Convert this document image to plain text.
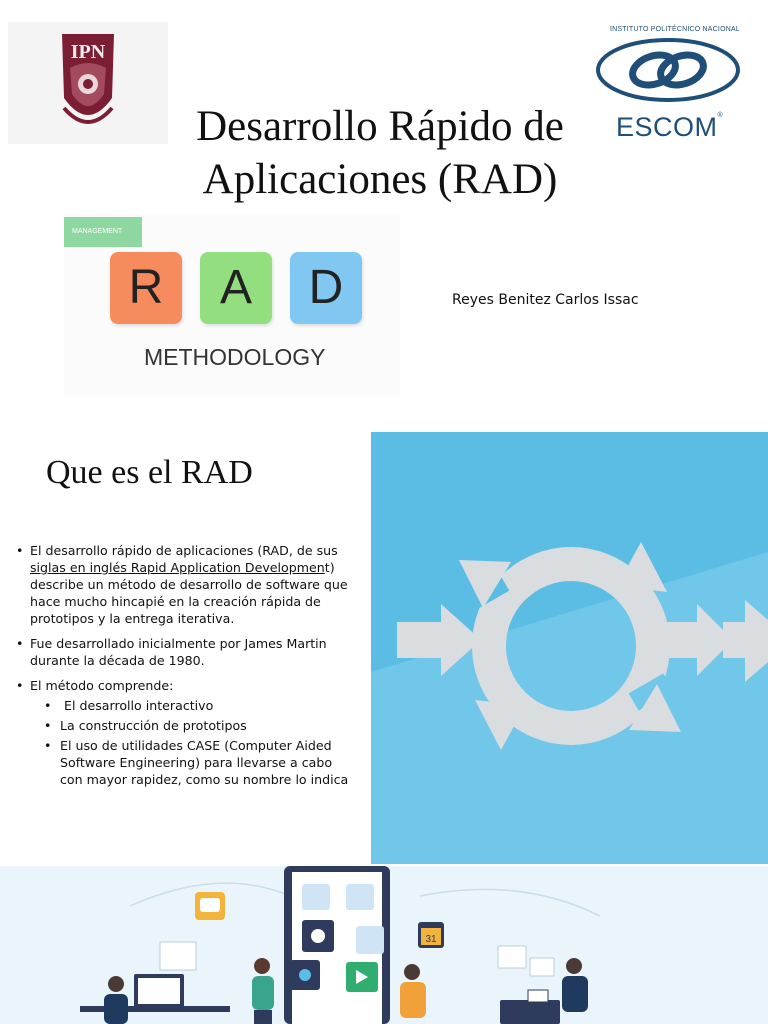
IPN
INSTITUTO POLITÉCNICO NACIONAL
ESCOM®
Desarrollo Rápido de
Aplicaciones (RAD)
MANAGEMENT
R	A	D
METHODOLOGY
Reyes Benitez Carlos Issac
Que es el RAD
• El desarrollo rápido de aplicaciones (RAD, de sus siglas en inglés Rapid Application Development) describe un método de desarrollo de software que hace mucho hincapié en la creación rápida de prototipos y la entrega iterativa.
• Fue desarrollado inicialmente por James Martin durante la década de 1980.
• El método comprende:
•  El desarrollo interactivo
• La construcción de prototipos
• El uso de utilidades CASE (Computer Aided Software Engineering) para llevarse a cabo con mayor rapidez, como su nombre lo indica
31
